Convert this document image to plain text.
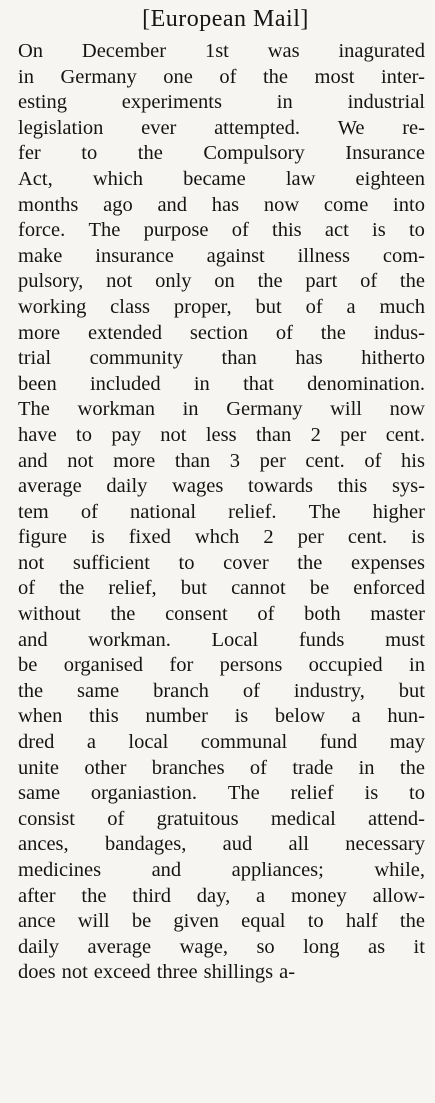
[European Mail]
On December 1st was inagurated
in Germany one of the most inter-
esting	experiments	in	industrial
legislation ever attempted. We re-
fer to the Compulsory Insurance
Act, which became law eighteen
months ago and has now come into
force. The purpose of this act is to
make insurance against illness com-
pulsory, not only on the part of the
working class proper, but of a much
more extended section of the indus-
trial community than has hitherto
been included in that denomination.
The workman in Germany will now
have to pay not less than 2 per cent.
and not more than 3 per cent. of his
average daily wages towards this sys-
tem of national relief. The higher
figure is fixed whch 2 per cent. is
not sufficient to cover the expenses
of the relief, but cannot be enforced
without the consent of both master
and workman. Local funds must
be organised for persons occupied in
the same branch of industry, but
when this number is below a hun-
dred a local communal fund may
unite other branches of trade in the
same organiastion. The relief is to
consist of gratuitous medical attend-
ances, bandages, aud all necessary
medicines and appliances; while,
after the third day, a money allow-
ance will be given equal to half the
daily average wage, so long as it
does not exceed three shillings a-
